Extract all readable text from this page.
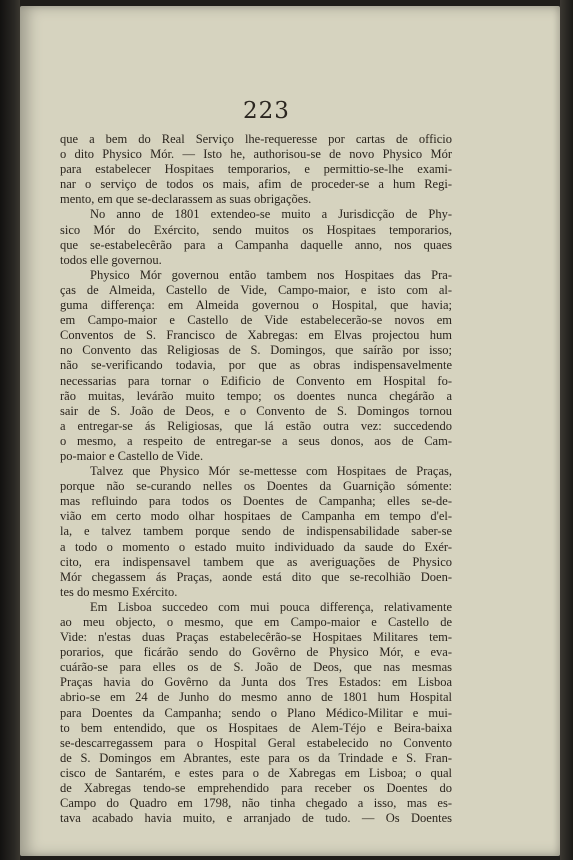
223
que a bem do Real Serviço lhe-requeresse por cartas de officio
o dito Physico Mór. — Isto he, authorisou-se de novo Physico Mór
para estabelecer Hospitaes temporarios, e permittio-se-lhe exami-
nar o serviço de todos os mais, afim de proceder-se a hum Regi-
mento, em que se-declarassem as suas obrigações.
No anno de 1801 extendeo-se muito a Jurisdicção de Phy-
sico Mór do Exército, sendo muitos os Hospitaes temporarios,
que se-estabelecêrão para a Campanha daquelle anno, nos quaes
todos elle governou.
Physico Mór governou então tambem nos Hospitaes das Pra-
ças de Almeida, Castello de Vide, Campo-maior, e isto com al-
guma differença: em Almeida governou o Hospital, que havia;
em Campo-maior e Castello de Vide estabelecerão-se novos em
Conventos de S. Francisco de Xabregas: em Elvas projectou hum
no Convento das Religiosas de S. Domingos, que saírão por isso;
não se-verificando todavia, por que as obras indispensavelmente
necessarias para tornar o Edificio de Convento em Hospital fo-
rão muitas, levárão muito tempo; os doentes nunca chegárão a
sair de S. João de Deos, e o Convento de S. Domingos tornou
a entregar-se ás Religiosas, que lá estão outra vez: succedendo
o mesmo, a respeito de entregar-se a seus donos, aos de Cam-
po-maior e Castello de Vide.
Talvez que Physico Mór se-mettesse com Hospitaes de Praças,
porque não se-curando nelles os Doentes da Guarnição sómente:
mas refluindo para todos os Doentes de Campanha; elles se-de-
vião em certo modo olhar hospitaes de Campanha em tempo d'el-
la, e talvez tambem porque sendo de indispensabilidade saber-se
a todo o momento o estado muito individuado da saude do Exér-
cito, era indispensavel tambem que as averiguações de Physico
Mór chegassem ás Praças, aonde está dito que se-recolhião Doen-
tes do mesmo Exército.
Em Lisboa succedeo com mui pouca differença, relativamente
ao meu objecto, o mesmo, que em Campo-maior e Castello de
Vide: n'estas duas Praças estabelecêrão-se Hospitaes Militares tem-
porarios, que ficárão sendo do Govêrno de Physico Mór, e eva-
cuárão-se para elles os de S. João de Deos, que nas mesmas
Praças havia do Govêrno da Junta dos Tres Estados: em Lisboa
abrio-se em 24 de Junho do mesmo anno de 1801 hum Hospital
para Doentes da Campanha; sendo o Plano Médico-Militar e mui-
to bem entendido, que os Hospitaes de Alem-Téjo e Beira-baixa
se-descarregassem para o Hospital Geral estabelecido no Convento
de S. Domingos em Abrantes, este para os da Trindade e S. Fran-
cisco de Santarém, e estes para o de Xabregas em Lisboa; o qual
de Xabregas tendo-se emprehendido para receber os Doentes do
Campo do Quadro em 1798, não tinha chegado a isso, mas es-
tava acabado havia muito, e arranjado de tudo. — Os Doentes
